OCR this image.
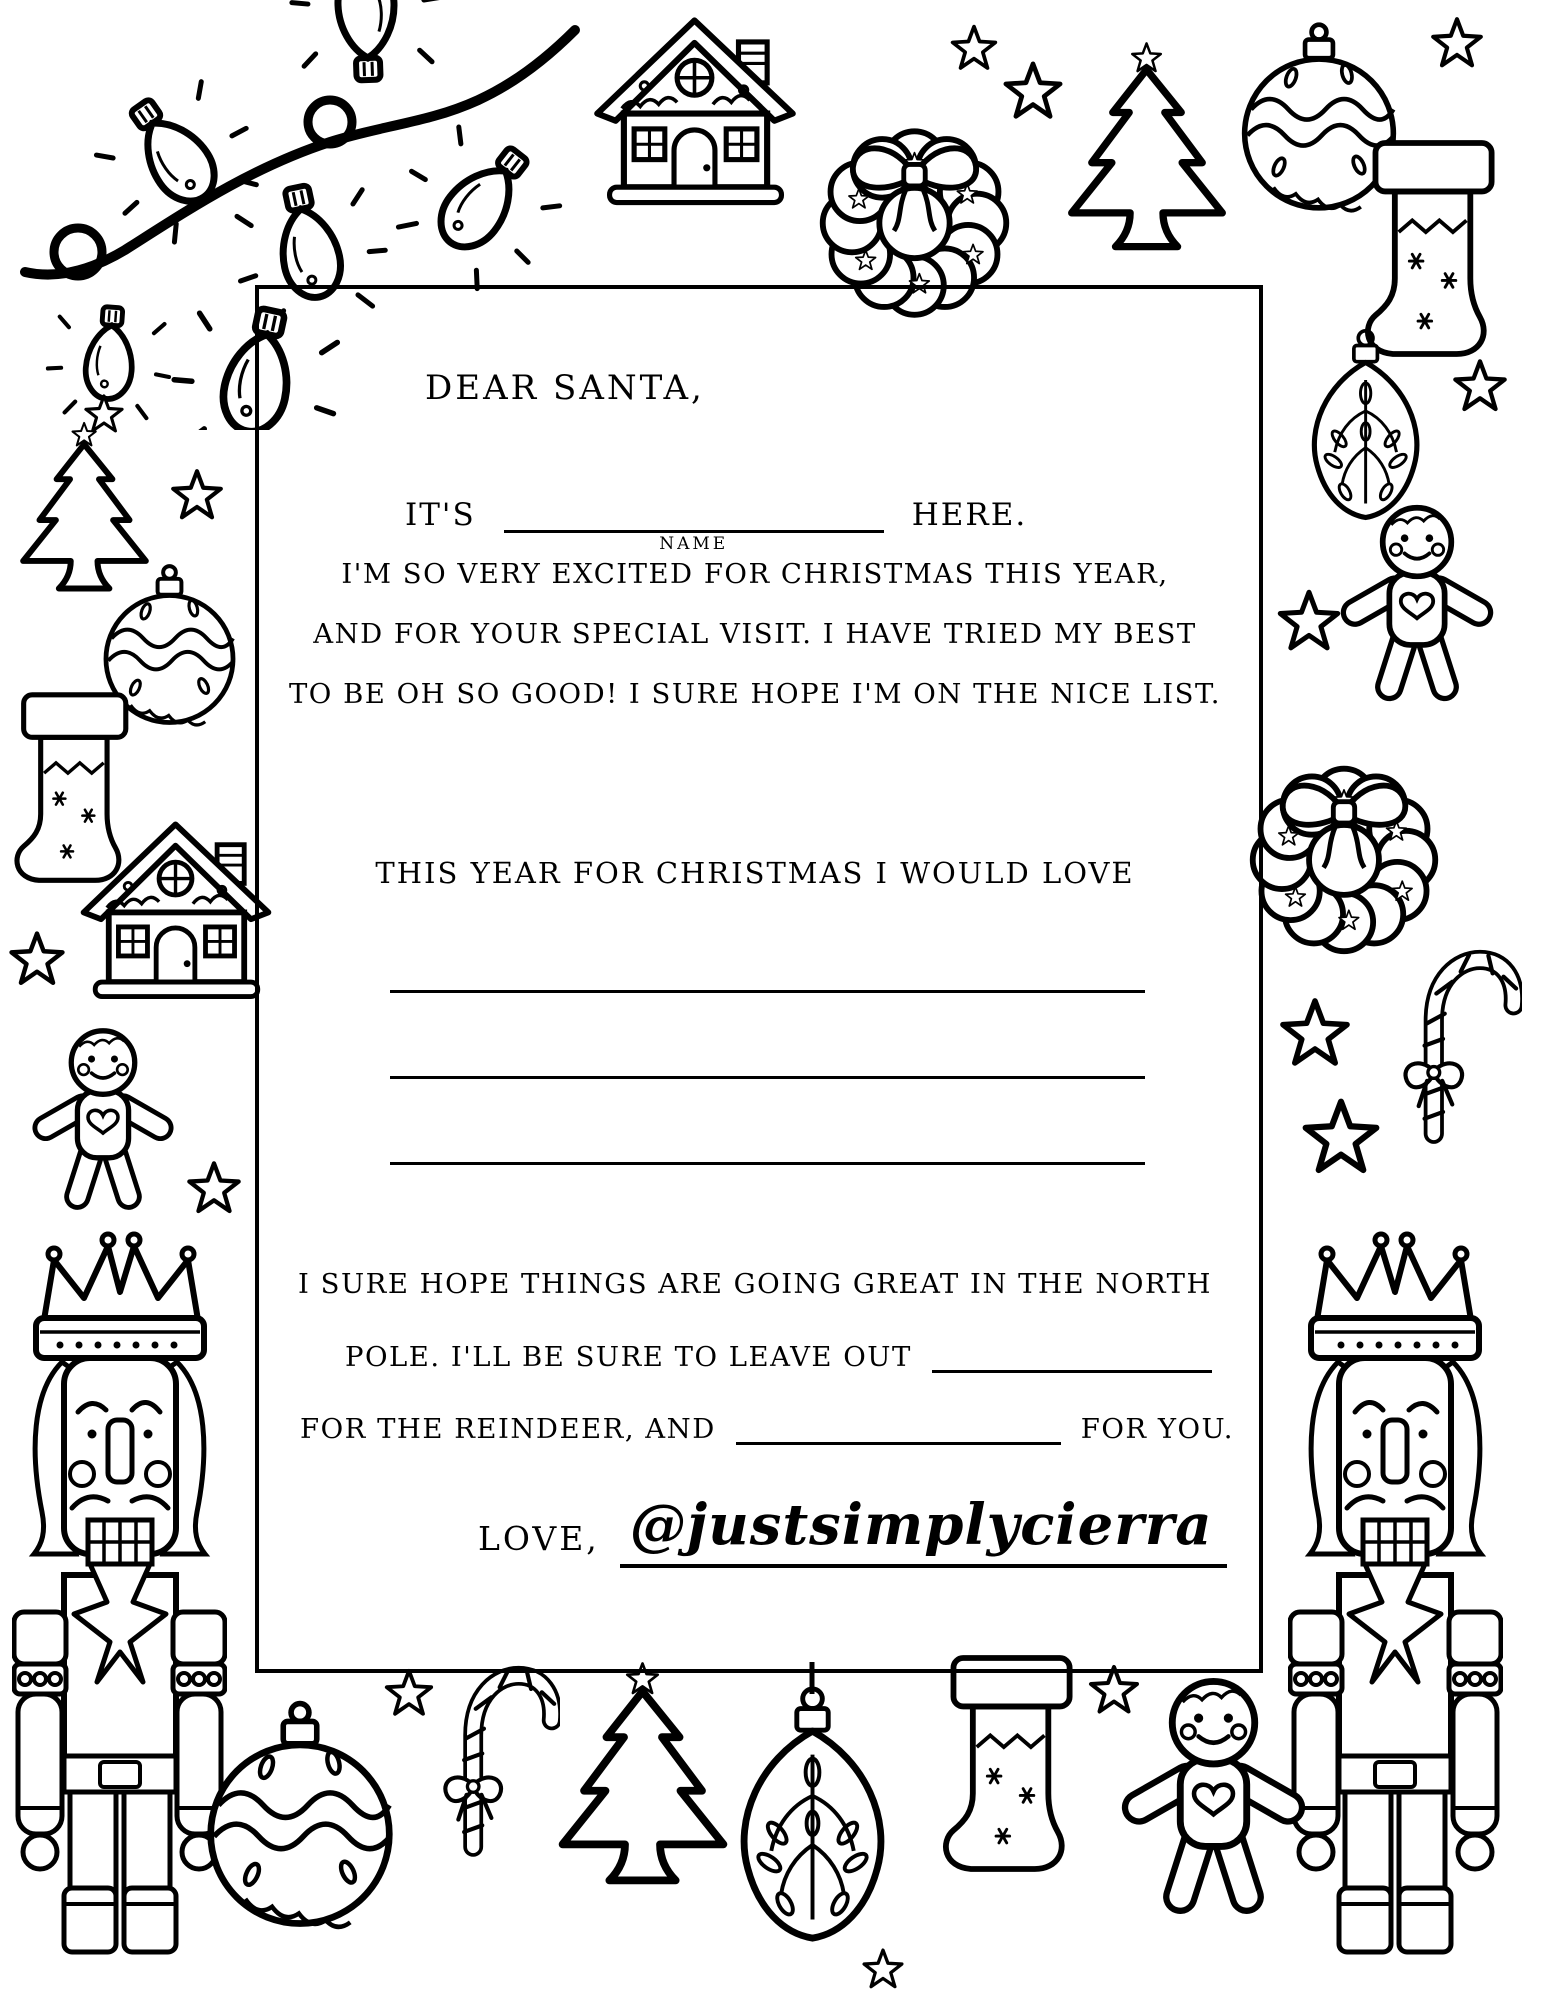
DEAR SANTA,
IT'S
NAME
HERE.
I'M SO VERY EXCITED FOR CHRISTMAS THIS YEAR,
AND FOR YOUR SPECIAL VISIT. I HAVE TRIED MY BEST
TO BE OH SO GOOD! I SURE HOPE I'M ON THE NICE LIST.
THIS YEAR FOR CHRISTMAS I WOULD LOVE
I SURE HOPE THINGS ARE GOING GREAT IN THE NORTH
POLE. I'LL BE SURE TO LEAVE OUT
FOR THE REINDEER, AND	FOR YOU.
LOVE, @justsimplycierra
